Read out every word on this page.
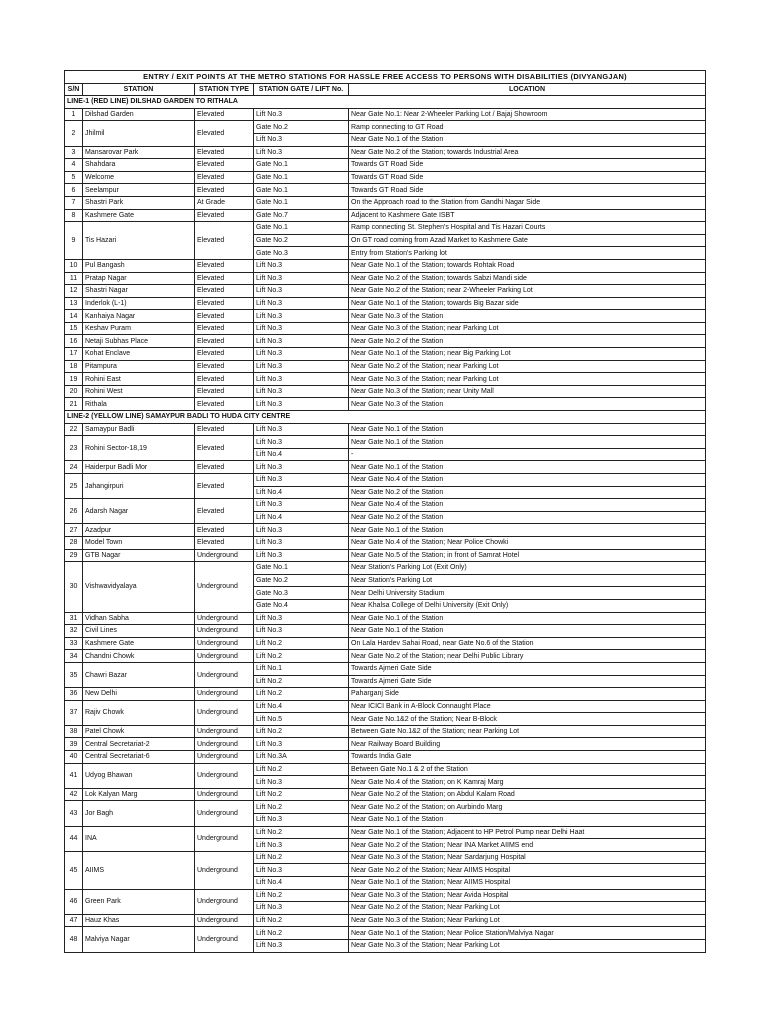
ENTRY / EXIT POINTS AT THE METRO STATIONS FOR HASSLE FREE ACCESS TO PERSONS WITH DISABILITIES (DIVYANGJAN)				
S/N	STATION	STATION TYPE	STATION GATE / LIFT No.	LOCATION
LINE-1 (RED LINE) DILSHAD GARDEN TO RITHALA				
1	Dilshad Garden	Elevated	Lift No.3	Near Gate No.1: Near 2-Wheeler Parking Lot / Bajaj Showroom
2	Jhilmil	Elevated	Gate No.2	Ramp connecting to GT Road
			Lift No.3	Near Gate No.1 of the Station
3	Mansarovar Park	Elevated	Lift No.3	Near Gate No.2 of the Station; towards Industrial Area
4	Shahdara	Elevated	Gate No.1	Towards GT Road Side
5	Welcome	Elevated	Gate No.1	Towards GT Road Side
6	Seelampur	Elevated	Gate No.1	Towards GT Road Side
7	Shastri Park	At Grade	Gate No.1	On the Approach road to the Station from Gandhi Nagar Side
8	Kashmere Gate	Elevated	Gate No.7	Adjacent to Kashmere Gate ISBT
9	Tis Hazari	Elevated	Gate No.1	Ramp connecting St. Stephen's Hospital and Tis Hazari Courts
			Gate No.2	On GT road coming from Azad Market to Kashmere Gate
			Gate No.3	Entry from Station's Parking lot
10	Pul Bangash	Elevated	Lift No.3	Near Gate No.1 of the Station; towards Rohtak Road
11	Pratap Nagar	Elevated	Lift No.3	Near Gate No.2 of the Station; towards Sabzi Mandi side
12	Shastri Nagar	Elevated	Lift No.3	Near Gate No.2 of the Station; near 2-Wheeler Parking Lot
13	Inderlok (L-1)	Elevated	Lift No.3	Near Gate No.1 of the Station; towards Big Bazar side
14	Kanhaiya Nagar	Elevated	Lift No.3	Near Gate No.3 of the Station
15	Keshav Puram	Elevated	Lift No.3	Near Gate No.3 of the Station; near Parking Lot
16	Netaji Subhas Place	Elevated	Lift No.3	Near Gate No.2 of the Station
17	Kohat Enclave	Elevated	Lift No.3	Near Gate No.1 of the Station; near Big Parking Lot
18	Pitampura	Elevated	Lift No.3	Near Gate No.2 of the Station; near Parking Lot
19	Rohini East	Elevated	Lift No.3	Near Gate No.3 of the Station; near Parking Lot
20	Rohini West	Elevated	Lift No.3	Near Gate No.3 of the Station; near Unity Mall
21	Rithala	Elevated	Lift No.3	Near Gate No.3 of the Station
LINE-2 (YELLOW LINE) SAMAYPUR BADLI TO HUDA CITY CENTRE				
22	Samaypur Badli	Elevated	Lift No.3	Near Gate No.1 of the Station
23	Rohini Sector-18,19	Elevated	Lift No.3	Near Gate No.1 of the Station
			Lift No.4	-
24	Haiderpur Badli Mor	Elevated	Lift No.3	Near Gate No.1 of the Station
25	Jahangirpuri	Elevated	Lift No.3	Near Gate No.4 of the Station
			Lift No.4	Near Gate No.2 of the Station
26	Adarsh Nagar	Elevated	Lift No.3	Near Gate No.4 of the Station
			Lift No.4	Near Gate No.2 of the Station
27	Azadpur	Elevated	Lift No.3	Near Gate No.1 of the Station
28	Model Town	Elevated	Lift No.3	Near Gate No.4 of the Station; Near Police Chowki
29	GTB Nagar	Underground	Lift No.3	Near Gate No.5 of the Station; in front of Samrat Hotel
30	Vishwavidyalaya	Underground	Gate No.1	Near Station's Parking Lot (Exit Only)
			Gate No.2	Near Station's Parking Lot
			Gate No.3	Near Delhi University Stadium
			Gate No.4	Near Khalsa College of Delhi University (Exit Only)
31	Vidhan Sabha	Underground	Lift No.3	Near Gate No.1 of the Station
32	Civil Lines	Underground	Lift No.3	Near Gate No.1 of the Station
33	Kashmere Gate	Underground	Lift No.2	On Lala Hardev Sahai Road, near Gate No.6 of the Station
34	Chandni Chowk	Underground	Lift No.2	Near Gate No.2 of the Station; near Delhi Public Library
35	Chawri Bazar	Underground	Lift No.1	Towards Ajmeri Gate Side
			Lift No.2	Towards Ajmeri Gate Side
36	New Delhi	Underground	Lift No.2	Paharganj Side
37	Rajiv Chowk	Underground	Lift No.4	Near ICICI Bank in A-Block Connaught Place
			Lift No.5	Near Gate No.1&2 of the Station; Near B-Block
38	Patel Chowk	Underground	Lift No.2	Between Gate No.1&2 of the Station; near Parking Lot
39	Central Secretariat-2	Underground	Lift No.3	Near Railway Board Building
40	Central Secretariat-6	Underground	Lift No.3A	Towards India Gate
41	Udyog Bhawan	Underground	Lift No.2	Between Gate No.1 & 2 of the Station
			Lift No.3	Near Gate No.4 of the Station; on K Kamraj Marg
42	Lok Kalyan Marg	Underground	Lift No.2	Near Gate No.2 of the Station; on Abdul Kalam Road
43	Jor Bagh	Underground	Lift No.2	Near Gate No.2 of the Station; on Aurbindo Marg
			Lift No.3	Near Gate No.1 of the Station
44	INA	Underground	Lift No.2	Near Gate No.1 of the Station; Adjacent to HP Petrol Pump near Delhi Haat
			Lift No.3	Near Gate No.2 of the Station; Near INA Market AIIMS end
45	AIIMS	Underground	Lift No.2	Near Gate No.3 of the Station; Near Sardarjung Hospital
			Lift No.3	Near Gate No.2 of the Station; Near AIIMS Hospital
			Lift No.4	Near Gate No.1 of the Station; Near AIIMS Hospital
46	Green Park	Underground	Lift No.2	Near Gate No.3 of the Station; Near Avida Hospital
			Lift No.3	Near Gate No.2 of the Station; Near Parking Lot
47	Hauz Khas	Underground	Lift No.2	Near Gate No.3 of the Station; Near Parking Lot
48	Malviya Nagar	Underground	Lift No.2	Near Gate No.1 of the Station; Near Police Station/Malviya Nagar
			Lift No.3	Near Gate No.3 of the Station; Near Parking Lot
